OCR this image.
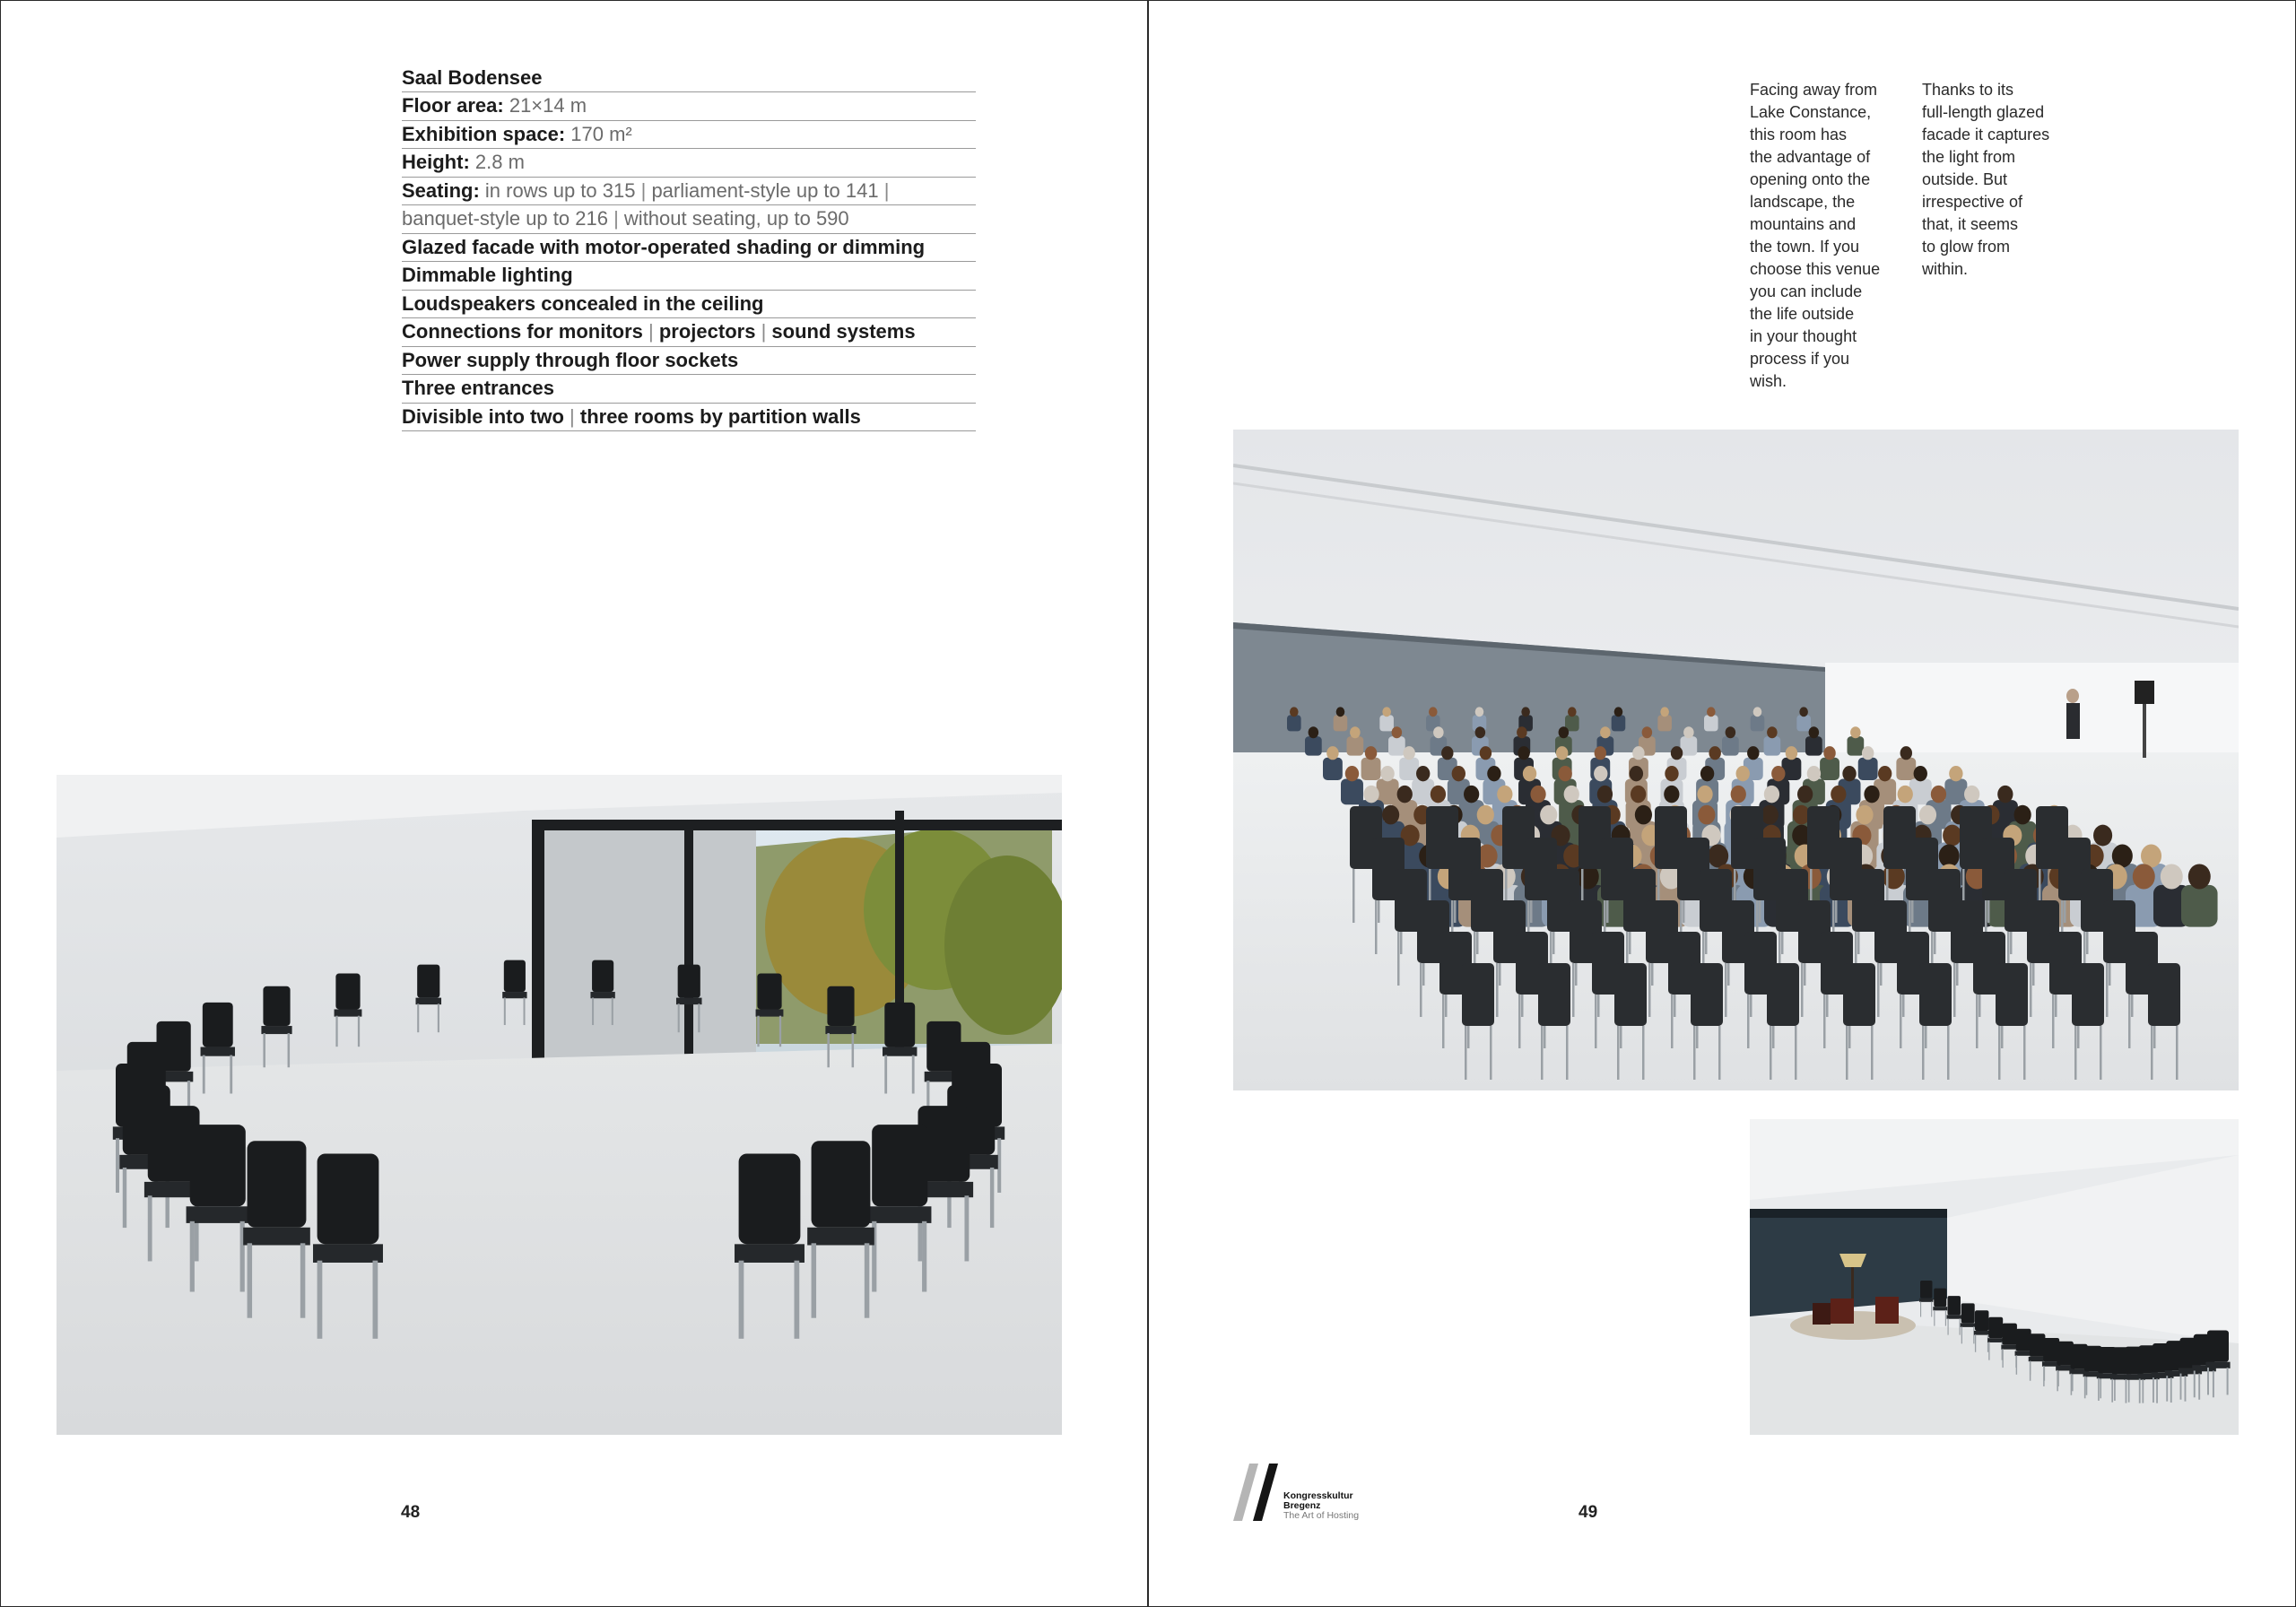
Saal Bodensee
Floor area: 21×14 m
Exhibition space: 170 m²
Height: 2.8 m
Seating: in rows up to 315 | parliament-style up to 141 |
banquet-style up to 216 | without seating, up to 590
Glazed facade with motor-operated shading or dimming
Dimmable lighting
Loudspeakers concealed in the ceiling
Connections for monitors | projectors | sound systems
Power supply through floor sockets
Three entrances
Divisible into two | three rooms by partition walls
Facing away from
Lake Constance,
this room has
the advantage of
opening onto the
landscape, the
mountains and
the town. If you
choose this venue
you can include
the life outside
in your thought
process if you
wish.
Thanks to its
full-length glazed
facade it captures
the light from
outside. But
irrespective of
that, it seems
to glow from
within.
48	49
Kongresskultur
Bregenz
The Art of Hosting
